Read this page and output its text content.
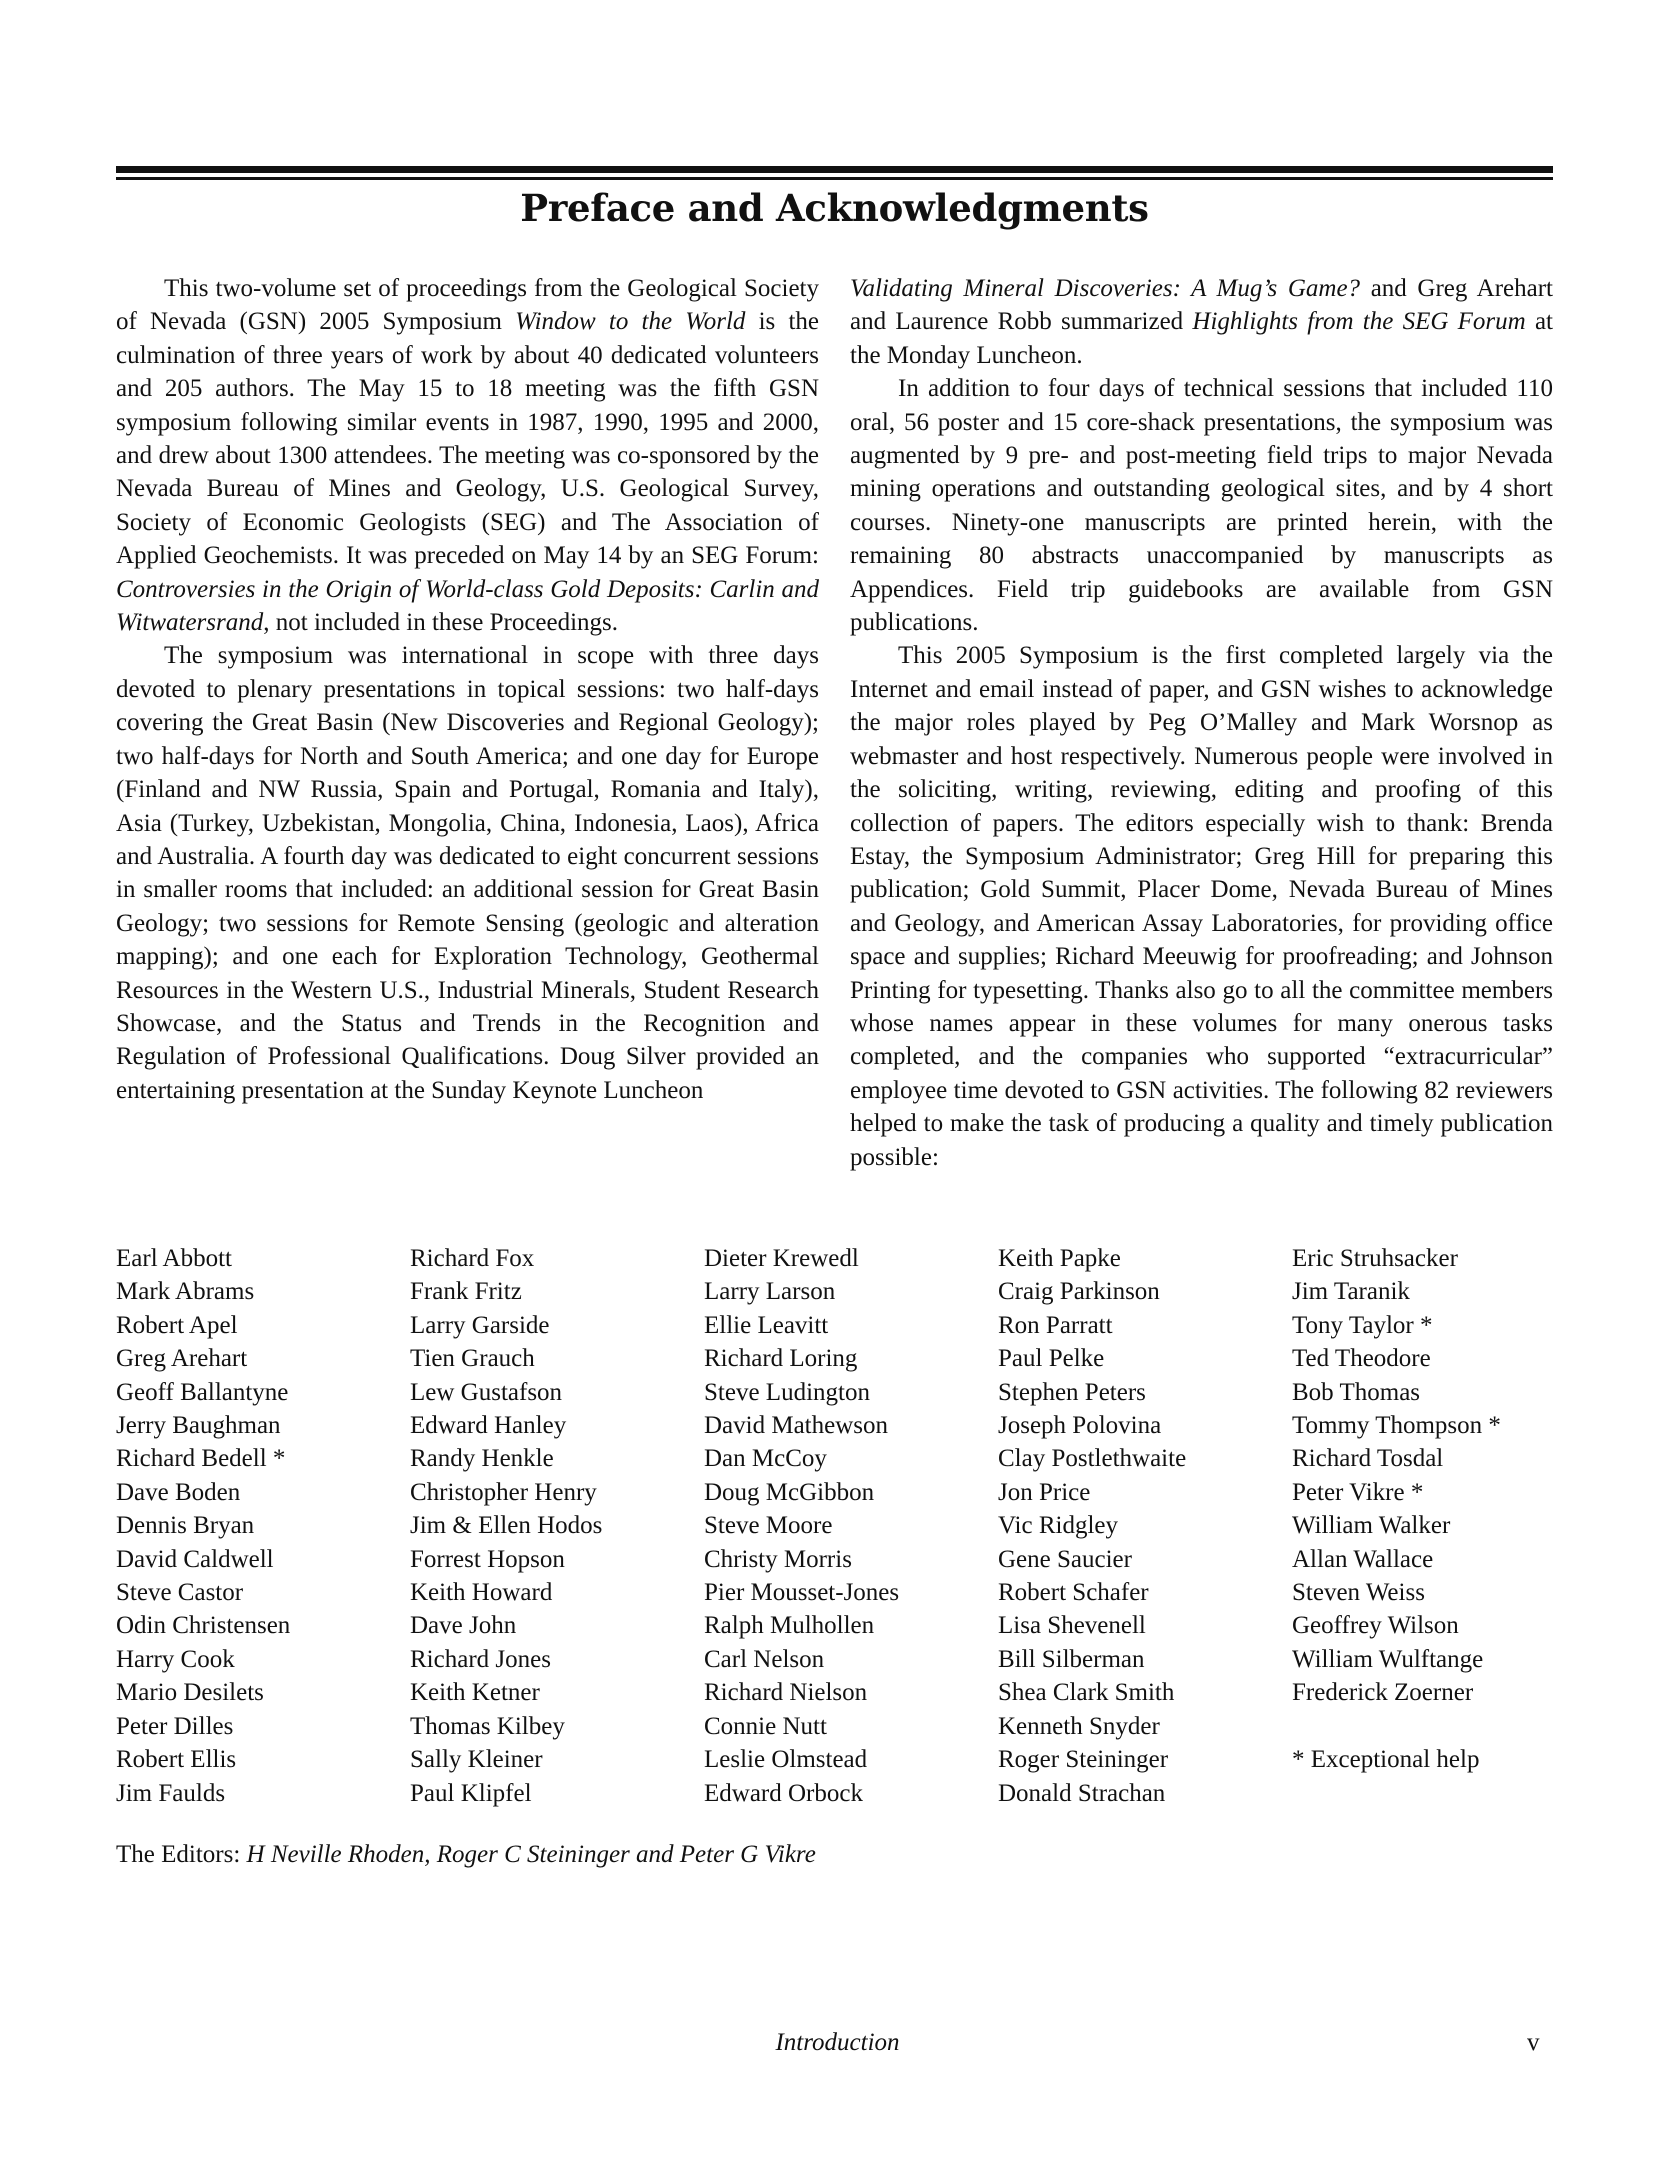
Preface and Acknowledgments

This two-volume set of proceedings from the Geological Society of Nevada (GSN) 2005 Symposium Window to the World is the culmination of three years of work by about 40 dedicated volunteers and 205 authors. The May 15 to 18 meeting was the fifth GSN symposium following similar events in 1987, 1990, 1995 and 2000, and drew about 1300 attendees. The meeting was co-sponsored by the Nevada Bureau of Mines and Geology, U.S. Geological Survey, Society of Economic Geologists (SEG) and The Association of Applied Geochemists. It was preceded on May 14 by an SEG Forum: Controversies in the Origin of World-class Gold Deposits: Carlin and Witwatersrand, not included in these Proceedings.

The symposium was international in scope with three days devoted to plenary presentations in topical sessions: two half-days covering the Great Basin (New Discoveries and Regional Geology); two half-days for North and South America; and one day for Europe (Finland and NW Russia, Spain and Portugal, Romania and Italy), Asia (Turkey, Uzbekistan, Mongolia, China, Indonesia, Laos), Africa and Australia. A fourth day was dedicated to eight concurrent sessions in smaller rooms that included: an additional session for Great Basin Geology; two sessions for Remote Sensing (geologic and alteration mapping); and one each for Exploration Technology, Geothermal Resources in the Western U.S., Industrial Minerals, Student Research Showcase, and the Status and Trends in the Recognition and Regulation of Professional Qualifications. Doug Silver provided an entertaining presentation at the Sunday Keynote Luncheon

Validating Mineral Discoveries: A Mug’s Game? and Greg Arehart and Laurence Robb summarized Highlights from the SEG Forum at the Monday Luncheon.

In addition to four days of technical sessions that included 110 oral, 56 poster and 15 core-shack presentations, the symposium was augmented by 9 pre- and post-meeting field trips to major Nevada mining operations and outstanding geological sites, and by 4 short courses. Ninety-one manuscripts are printed herein, with the remaining 80 abstracts unaccompanied by manuscripts as Appendices. Field trip guidebooks are available from GSN publications.

This 2005 Symposium is the first completed largely via the Internet and email instead of paper, and GSN wishes to acknowledge the major roles played by Peg O’Malley and Mark Worsnop as webmaster and host respectively. Numerous people were involved in the soliciting, writing, reviewing, editing and proofing of this collection of papers. The editors especially wish to thank: Brenda Estay, the Symposium Administrator; Greg Hill for preparing this publication; Gold Summit, Placer Dome, Nevada Bureau of Mines and Geology, and American Assay Laboratories, for providing office space and supplies; Richard Meeuwig for proofreading; and Johnson Printing for typesetting. Thanks also go to all the committee members whose names appear in these volumes for many onerous tasks completed, and the companies who supported “extracurricular” employee time devoted to GSN activities. The following 82 reviewers helped to make the task of producing a quality and timely publication possible:

Earl Abbott
Mark Abrams
Robert Apel
Greg Arehart
Geoff Ballantyne
Jerry Baughman
Richard Bedell *
Dave Boden
Dennis Bryan
David Caldwell
Steve Castor
Odin Christensen
Harry Cook
Mario Desilets
Peter Dilles
Robert Ellis
Jim Faulds
Richard Fox
Frank Fritz
Larry Garside
Tien Grauch
Lew Gustafson
Edward Hanley
Randy Henkle
Christopher Henry
Jim & Ellen Hodos
Forrest Hopson
Keith Howard
Dave John
Richard Jones
Keith Ketner
Thomas Kilbey
Sally Kleiner
Paul Klipfel
Dieter Krewedl
Larry Larson
Ellie Leavitt
Richard Loring
Steve Ludington
David Mathewson
Dan McCoy
Doug McGibbon
Steve Moore
Christy Morris
Pier Mousset-Jones
Ralph Mulhollen
Carl Nelson
Richard Nielson
Connie Nutt
Leslie Olmstead
Edward Orbock
Keith Papke
Craig Parkinson
Ron Parratt
Paul Pelke
Stephen Peters
Joseph Polovina
Clay Postlethwaite
Jon Price
Vic Ridgley
Gene Saucier
Robert Schafer
Lisa Shevenell
Bill Silberman
Shea Clark Smith
Kenneth Snyder
Roger Steininger
Donald Strachan
Eric Struhsacker
Jim Taranik
Tony Taylor *
Ted Theodore
Bob Thomas
Tommy Thompson *
Richard Tosdal
Peter Vikre *
William Walker
Allan Wallace
Steven Weiss
Geoffrey Wilson
William Wulftange
Frederick Zoerner

* Exceptional help
The Editors: H Neville Rhoden, Roger C Steininger and Peter G Vikre
Introduction	v
